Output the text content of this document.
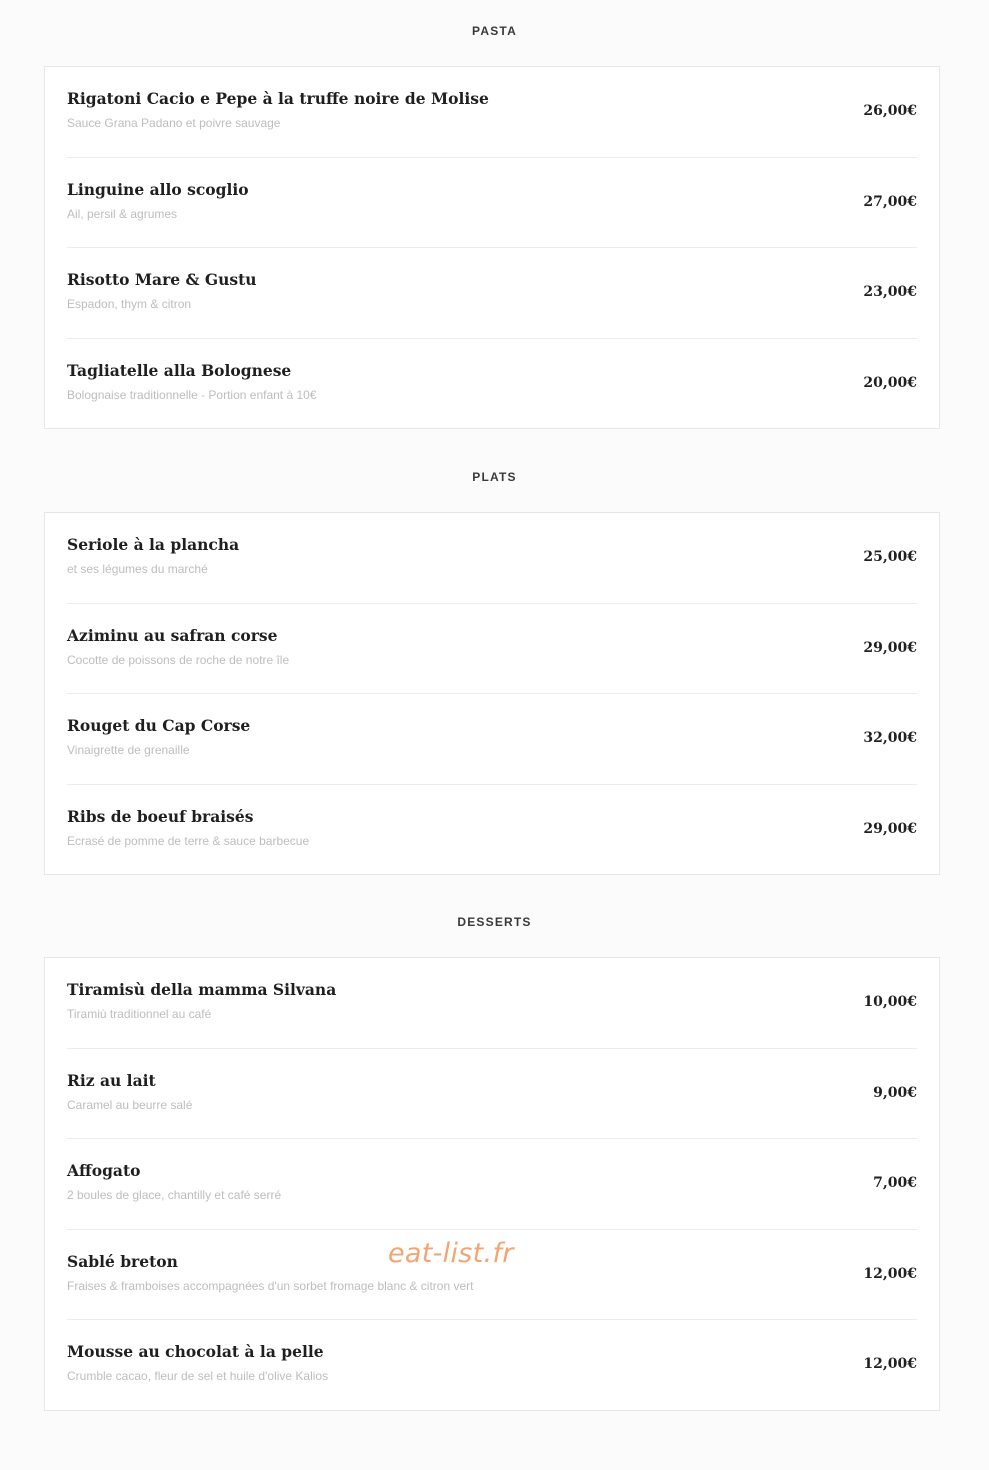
PASTA
Rigatoni Cacio e Pepe à la truffe noire de Molise
Sauce Grana Padano et poivre sauvage
26,00€
Linguine allo scoglio
Ail, persil & agrumes
27,00€
Risotto Mare & Gustu
Espadon, thym & citron
23,00€
Tagliatelle alla Bolognese
Bolognaise traditionnelle - Portion enfant à 10€
20,00€
PLATS
Seriole à la plancha
et ses légumes du marché
25,00€
Aziminu au safran corse
Cocotte de poissons de roche de notre île
29,00€
Rouget du Cap Corse
Vinaigrette de grenaille
32,00€
Ribs de boeuf braisés
Ecrasé de pomme de terre & sauce barbecue
29,00€
DESSERTS
Tiramisù della mamma Silvana
Tiramiù traditionnel au café
10,00€
Riz au lait
Caramel au beurre salé
9,00€
Affogato
2 boules de glace, chantilly et café serré
7,00€
Sablé breton
Fraises & framboises accompagnées d'un sorbet fromage blanc & citron vert
12,00€
Mousse au chocolat à la pelle
Crumble cacao, fleur de sel et huile d'olive Kalios
12,00€
eat-list.fr
